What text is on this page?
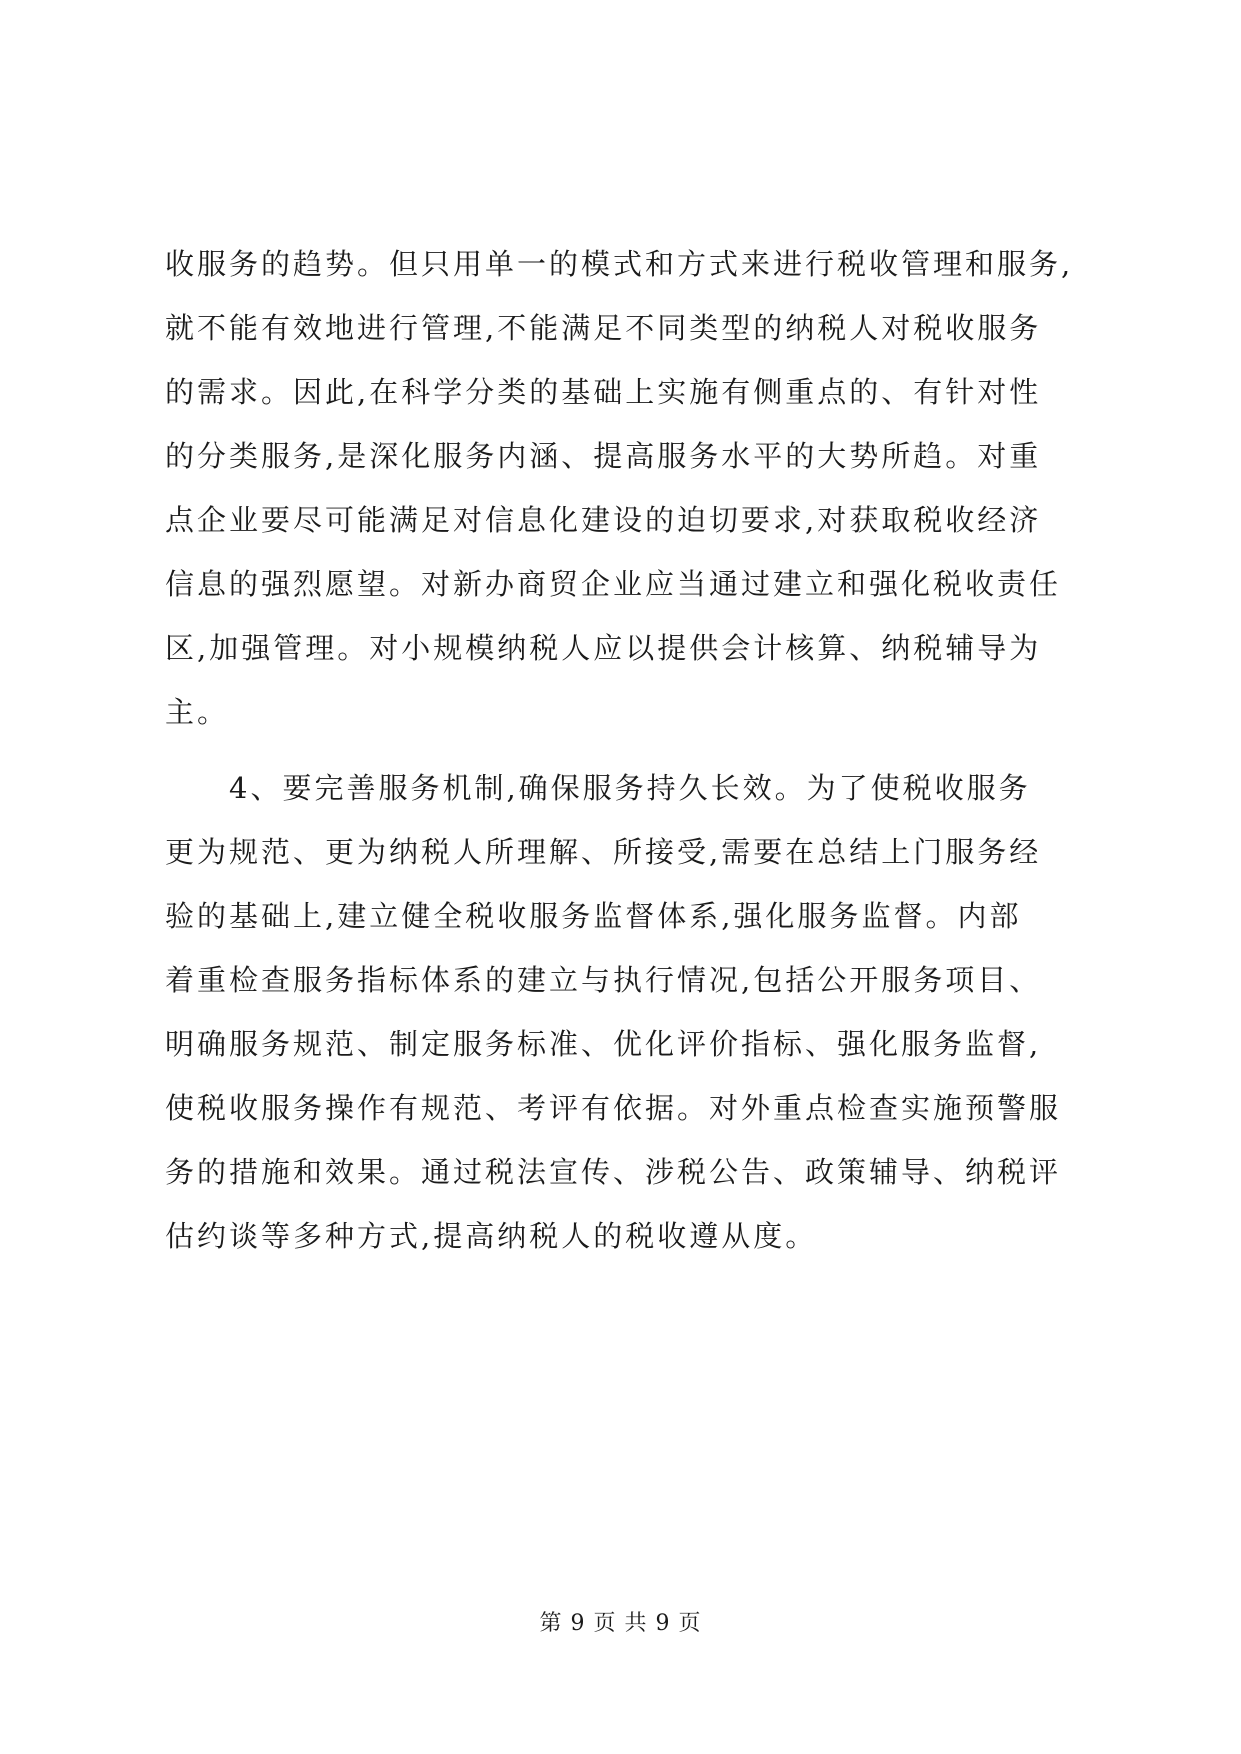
收服务的趋势。但只用单一的模式和方式来进行税收管理和服务,
就不能有效地进行管理,不能满足不同类型的纳税人对税收服务
的需求。因此,在科学分类的基础上实施有侧重点的、有针对性
的分类服务,是深化服务内涵、提高服务水平的大势所趋。对重
点企业要尽可能满足对信息化建设的迫切要求,对获取税收经济
信息的强烈愿望。对新办商贸企业应当通过建立和强化税收责任
区,加强管理。对小规模纳税人应以提供会计核算、纳税辅导为
主。
　　4、要完善服务机制,确保服务持久长效。为了使税收服务
更为规范、更为纳税人所理解、所接受,需要在总结上门服务经
验的基础上,建立健全税收服务监督体系,强化服务监督。内部
着重检查服务指标体系的建立与执行情况,包括公开服务项目、
明确服务规范、制定服务标准、优化评价指标、强化服务监督,
使税收服务操作有规范、考评有依据。对外重点检查实施预警服
务的措施和效果。通过税法宣传、涉税公告、政策辅导、纳税评
估约谈等多种方式,提高纳税人的税收遵从度。
第 9 页 共 9 页
